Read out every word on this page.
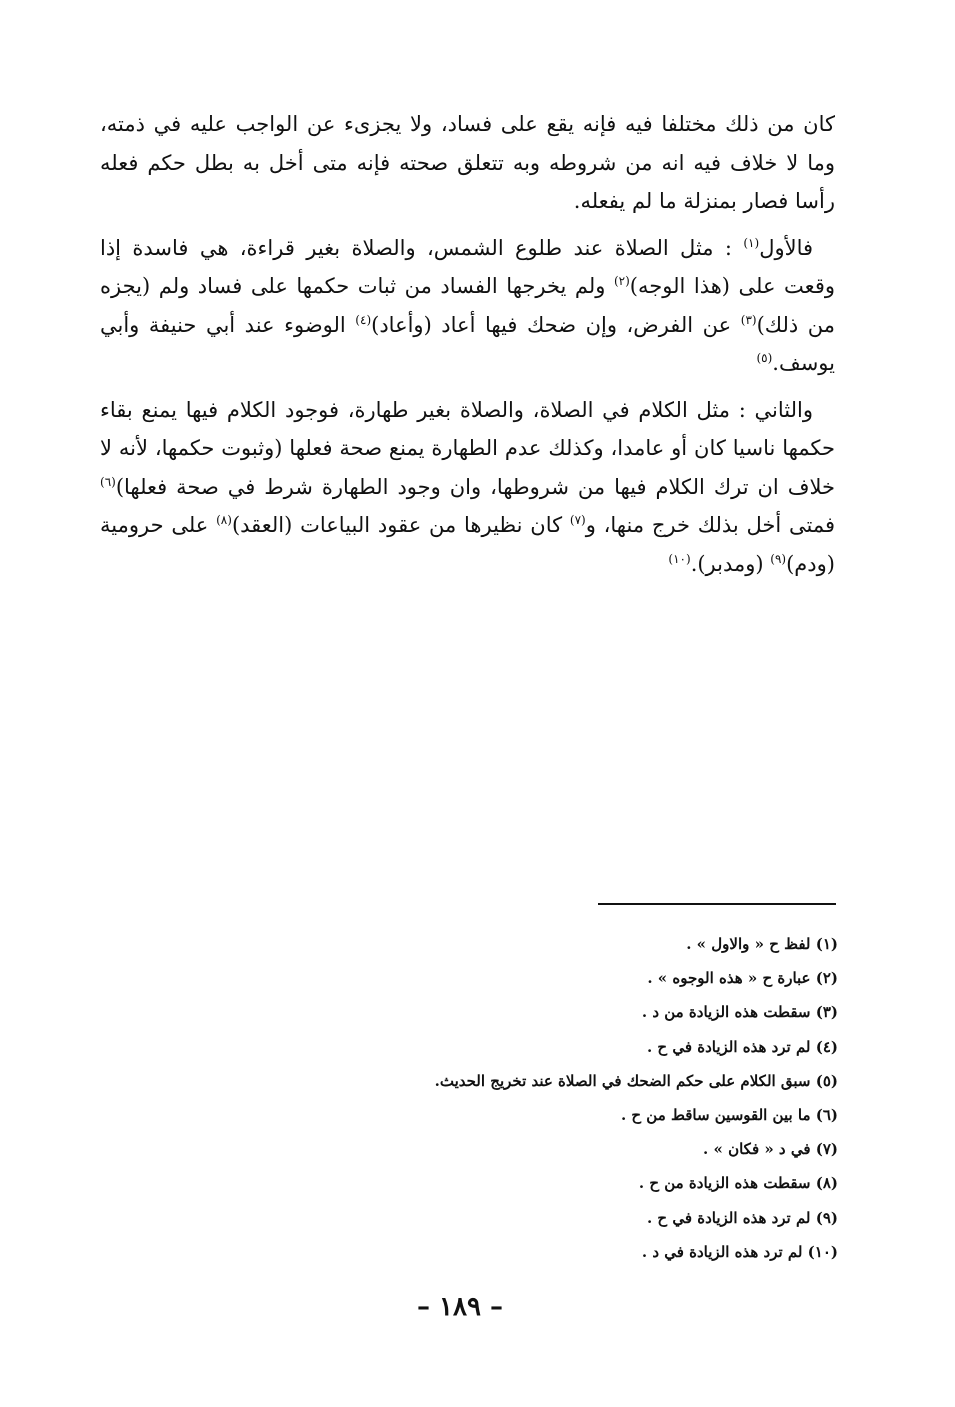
كان من ذلك مختلفا فيه فإنه يقع على فساد، ولا يجزىء عن الواجب عليه في ذمته، وما لا خلاف فيه انه من شروطه وبه تتعلق صحته فإنه متى أخل به بطل حكم فعله رأسا فصار بمنزلة ما لم يفعله.

فالأول$^{(١)}$ : مثل الصلاة عند طلوع الشمس، والصلاة بغير قراءة، هي فاسدة إذا وقعت على (هذا الوجه)$^{(٢)}$ ولم يخرجها الفساد من ثبات حكمها على فساد ولم (يجزه من ذلك)$^{(٣)}$ عن الفرض، وإن ضحك فيها أعاد (وأعاد)$^{(٤)}$ الوضوء عند أبي حنيفة وأبي يوسف.$^{(٥)}$

والثاني : مثل الكلام في الصلاة، والصلاة بغير طهارة، فوجود الكلام فيها يمنع بقاء حكمها ناسيا كان أو عامدا، وكذلك عدم الطهارة يمنع صحة فعلها (وثبوت حكمها، لأنه لا خلاف ان ترك الكلام فيها من شروطها، وان وجود الطهارة شرط في صحة فعلها)$^{(٦)}$ فمتى أخل بذلك خرج منها، و$^{(٧)}$ كان نظيرها من عقود البياعات (العقد)$^{(٨)}$ على حرومية (ودم)$^{(٩)}$ (ومدبر).$^{(١٠)}$

(١) لفظ ح « والاول » .
(٢) عبارة ح « هذه الوجوه » .
(٣) سقطت هذه الزيادة من د .
(٤) لم ترد هذه الزيادة في ح .
(٥) سبق الكلام على حكم الضحك في الصلاة عند تخريج الحديث.
(٦) ما بين القوسين ساقط من ح .
(٧) في د « فكان » .
(٨) سقطت هذه الزيادة من ح .
(٩) لم ترد هذه الزيادة في ح .
(١٠) لم ترد هذه الزيادة في د .
– ١٨٩ –
